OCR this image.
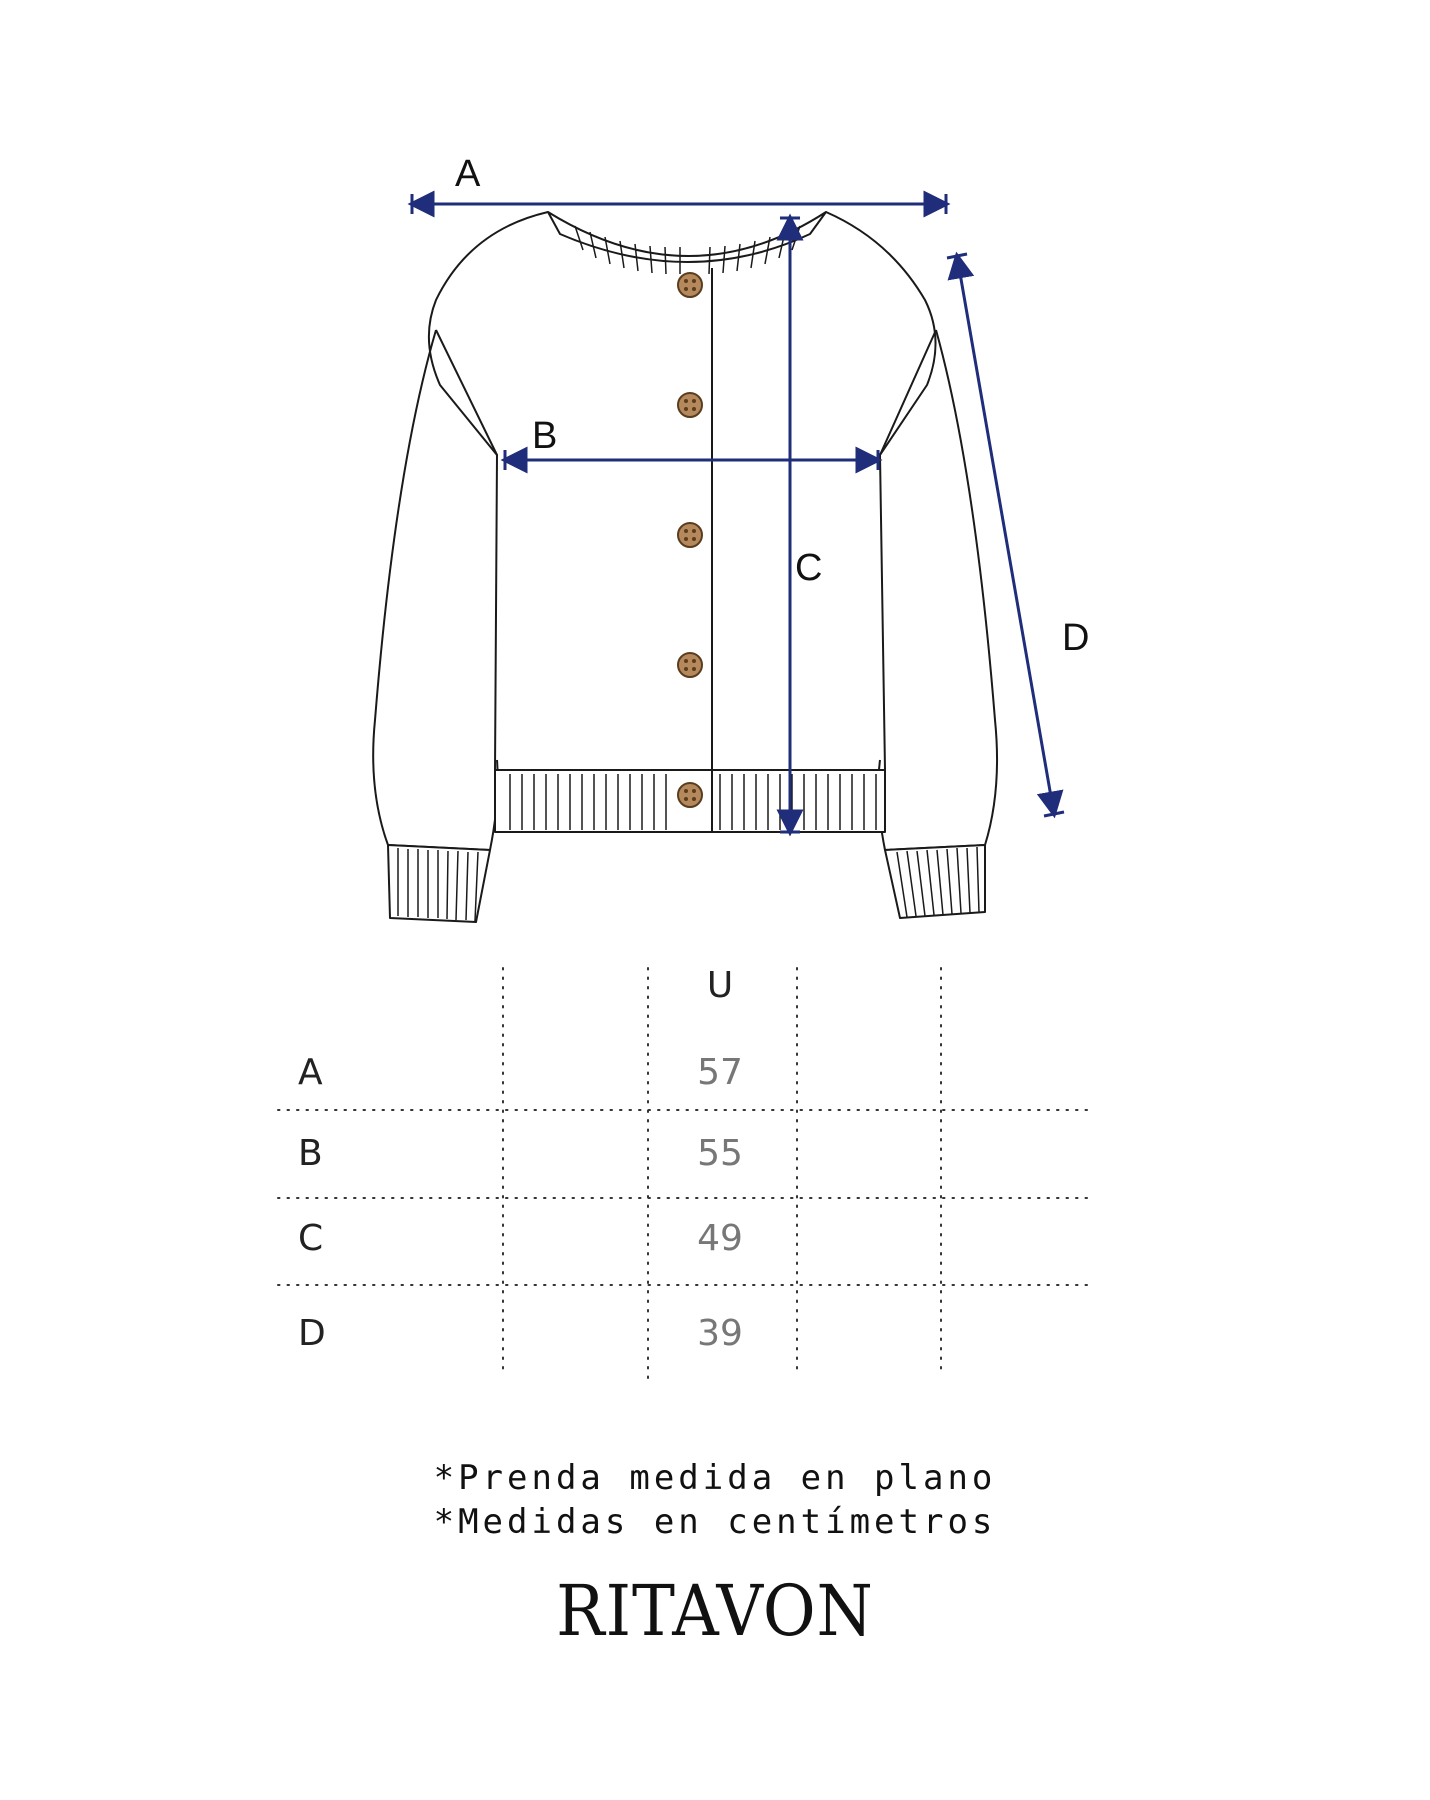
A
B
C
D
U
A	57
B	55
C	49
D	39
*Prenda medida en plano
*Medidas en centímetros
RITAVON
